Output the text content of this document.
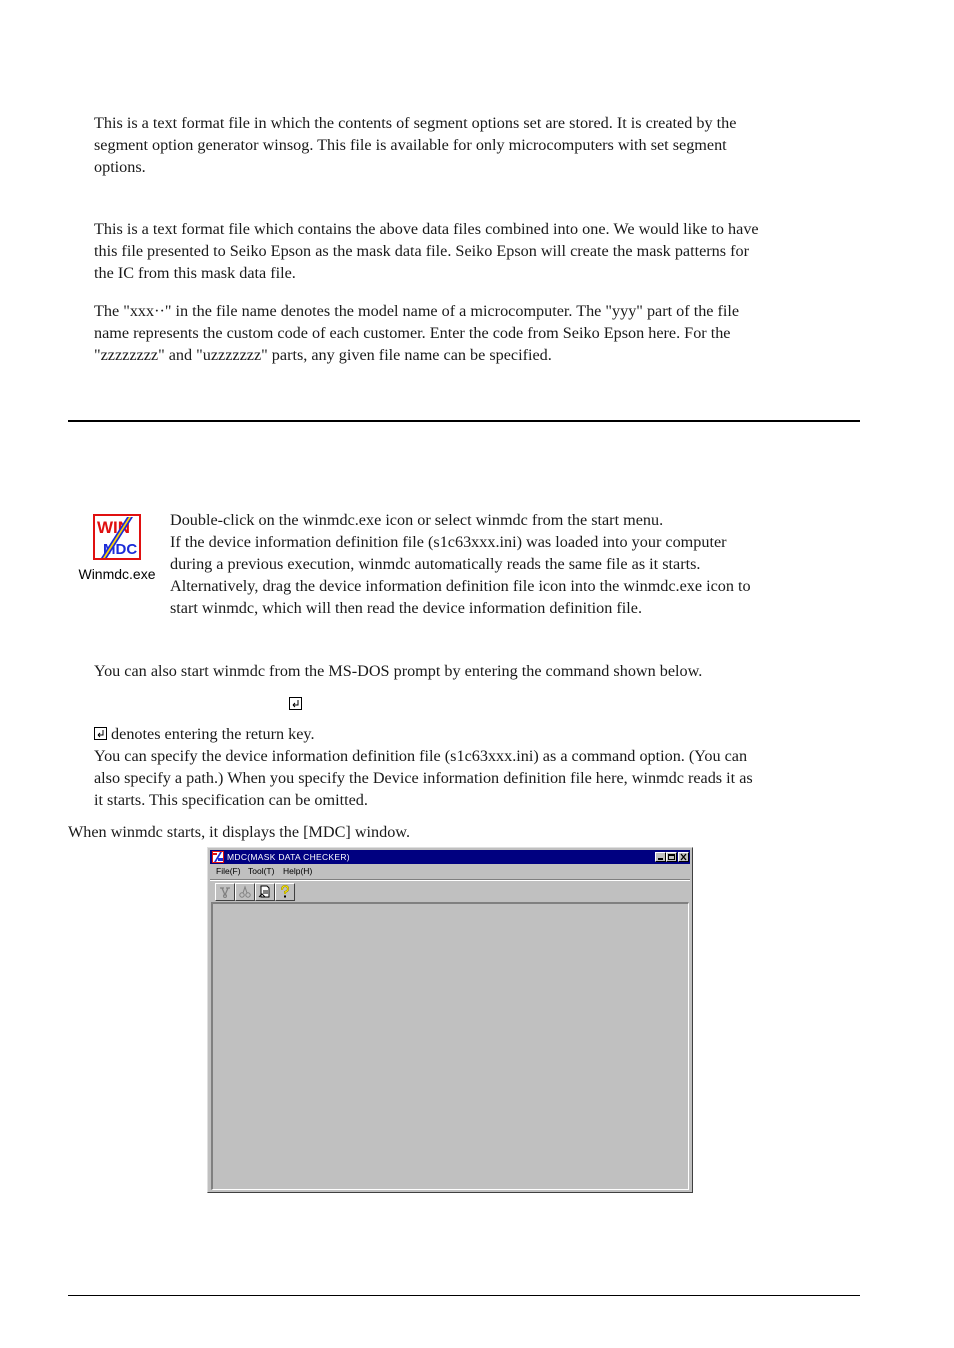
This is a text format file in which the contents of segment options set are stored. It is created by the
segment option generator winsog. This file is available for only microcomputers with set segment
options.

This is a text format file which contains the above data files combined into one. We would like to have
this file presented to Seiko Epson as the mask data file. Seiko Epson will create the mask patterns for
the IC from this mask data file.

The "xxx··" in the file name denotes the model name of a microcomputer. The "yyy" part of the file
name represents the custom code of each customer. Enter the code from Seiko Epson here. For the
"zzzzzzzz" and "uzzzzzzz" parts, any given file name can be specified.

WIN
MDC
Winmdc.exe

Double-click on the winmdc.exe icon or select winmdc from the start menu.
If the device information definition file (s1c63xxx.ini) was loaded into your computer
during a previous execution, winmdc automatically reads the same file as it starts.
Alternatively, drag the device information definition file icon into the winmdc.exe icon to
start winmdc, which will then read the device information definition file.

You can also start winmdc from the MS-DOS prompt by entering the command shown below.

denotes entering the return key.

You can specify the device information definition file (s1c63xxx.ini) as a command option. (You can
also specify a path.) When you specify the Device information definition file here, winmdc reads it as
it starts. This specification can be omitted.

When winmdc starts, it displays the [MDC] window.

MDC(MASK DATA CHECKER)
File(F) Tool(T) Help(H)
